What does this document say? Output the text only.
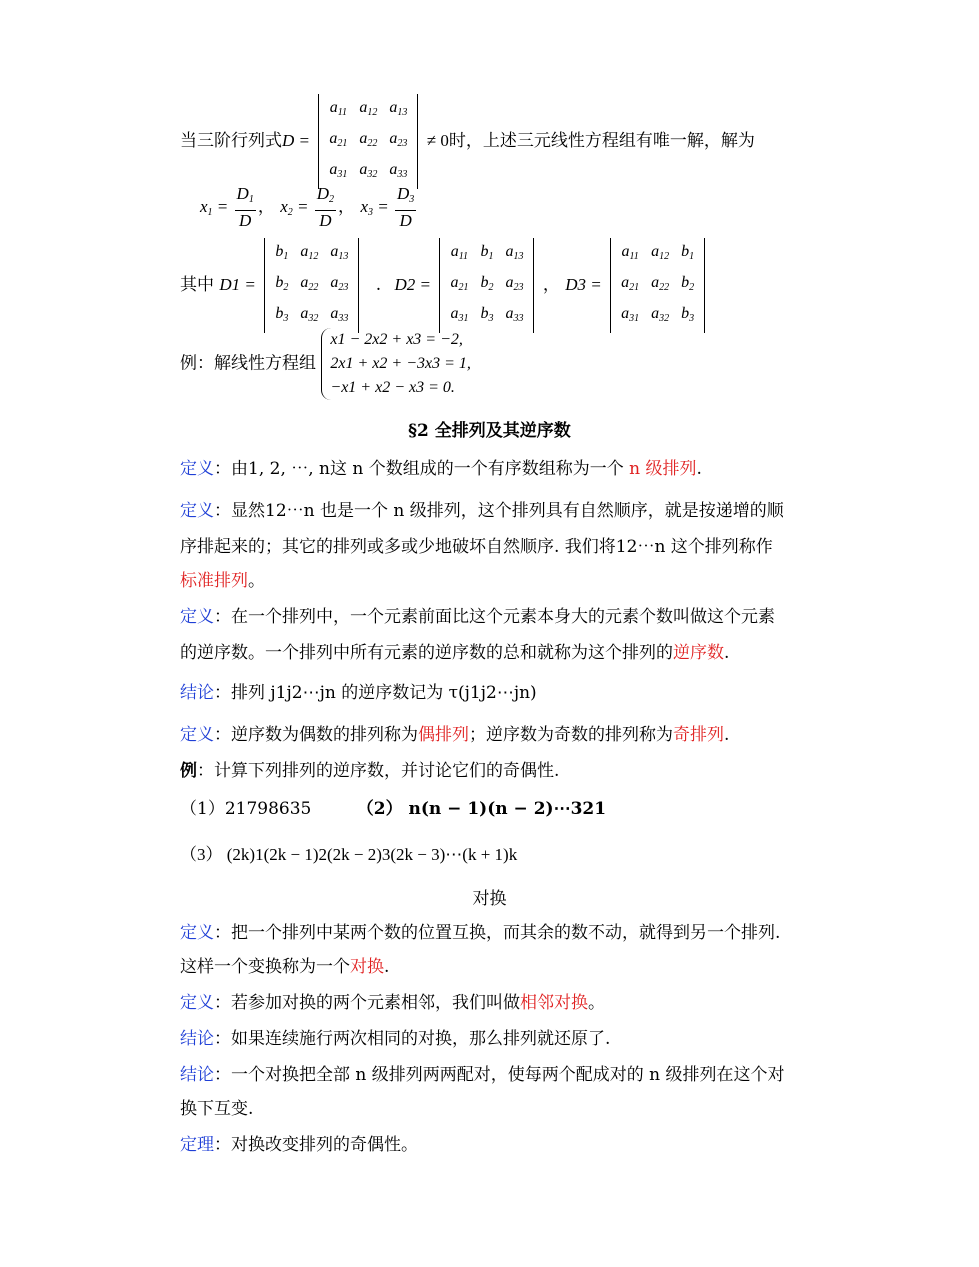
当三阶行列式D =
$a_{11}$	$a_{12}$	$a_{13}$
$a_{21}$	$a_{22}$	$a_{23}$
$a_{31}$	$a_{32}$	$a_{33}$
≠ 0时，上述三元线性方程组有唯一解，解为
$x_1 = \frac{D_1}{D}$ ， $x_2 = \frac{D_2}{D}$ ， $x_3 = \frac{D_3}{D}$
其中 D1 =
$b_1$	$a_{12}$	$a_{13}$
$b_2$	$a_{22}$	$a_{23}$
$b_3$	$a_{32}$	$a_{33}$
. D2 =
$a_{11}$	$b_1$	$a_{13}$
$a_{21}$	$b_2$	$a_{23}$
$a_{31}$	$b_3$	$a_{33}$
， D3 =
$a_{11}$	$a_{12}$	$b_1$
$a_{21}$	$a_{22}$	$b_2$
$a_{31}$	$a_{32}$	$b_3$
例：解线性方程组
x1 − 2x2 + x3 = −2,
2x1 + x2 + −3x3 = 1,
−x1 + x2 − x3 = 0.
§2 全排列及其逆序数
定义：由1, 2, ⋯, n这 n 个数组成的一个有序数组称为一个 n 级排列.
定义：显然12⋯n 也是一个 n 级排列，这个排列具有自然顺序，就是按递增的顺
序排起来的；其它的排列或多或少地破坏自然顺序. 我们将12⋯n 这个排列称作
标准排列。
定义：在一个排列中，一个元素前面比这个元素本身大的元素个数叫做这个元素
的逆序数。一个排列中所有元素的逆序数的总和就称为这个排列的逆序数.
结论：排列 j1j2⋯jn 的逆序数记为 τ(j1j2⋯jn)
定义：逆序数为偶数的排列称为偶排列；逆序数为奇数的排列称为奇排列.
例：计算下列排列的逆序数，并讨论它们的奇偶性.
（1）21798635	（2） n(n − 1)(n − 2)⋯321
（3） (2k)1(2k − 1)2(2k − 2)3(2k − 3)⋯(k + 1)k
对换
定义：把一个排列中某两个数的位置互换，而其余的数不动，就得到另一个排列.
这样一个变换称为一个对换.
定义：若参加对换的两个元素相邻，我们叫做相邻对换。
结论：如果连续施行两次相同的对换，那么排列就还原了.
结论：一个对换把全部 n 级排列两两配对，使每两个配成对的 n 级排列在这个对
换下互变.
定理：对换改变排列的奇偶性。
